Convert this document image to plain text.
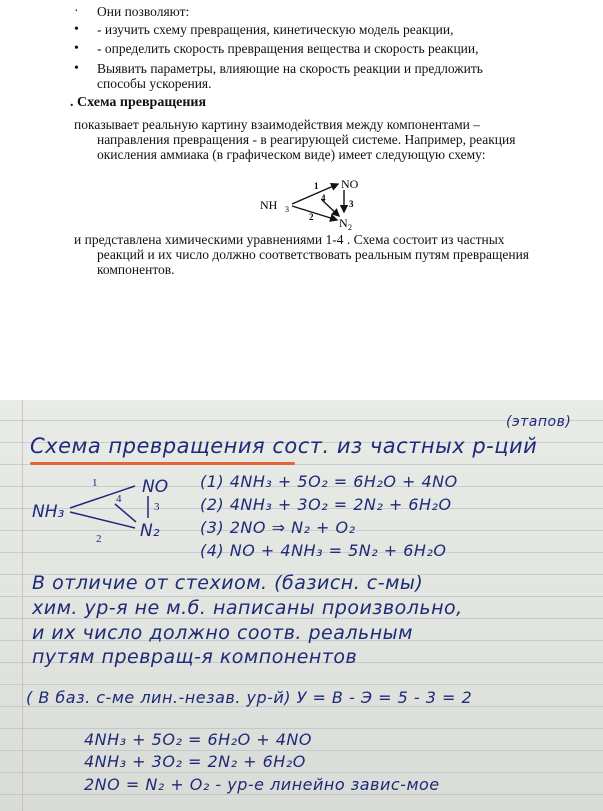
· Они позволяют:
• - изучить схему превращения, кинетическую модель реакции,
• - определить скорость превращения вещества и скорость реакции,
• Выявить параметры, влияющие на скорость реакции и предложить
способы ускорения.
. Схема превращения
показывает реальную картину взаимодействия между компонентами –
направления превращения - в реагирующей системе. Например, реакция
окисления аммиака (в графическом виде) имеет следующую схему:
NH 3
NO
N 2
1
2
3
4
и представлена химическими уравнениями 1-4 . Схема состоит из частных
реакций и их число должно соответствовать реальным путям превращения
компонентов.
(этапов)
Схема превращения сост. из частных р-ций
NH₃
NO
N₂
1
2
3
4
(1) 4NH₃ + 5O₂ = 6H₂O + 4NO
(2) 4NH₃ + 3O₂ = 2N₂ + 6H₂O
(3) 2NO ⇒ N₂ + O₂
(4) NO + 4NH₃ = 5N₂ + 6H₂O
В отличие от стехиом. (базисн. с-мы)
хим. ур-я не м.б. написаны произвольно,
и их число должно соотв. реальным
путям превращ-я компонентов
( В баз. с-ме лин.-незав. ур-й) У = В - Э = 5 - 3 = 2
4NH₃ + 5O₂ = 6H₂O + 4NO
4NH₃ + 3O₂ = 2N₂ + 6H₂O
2NO = N₂ + O₂ - ур-е линейно завис-мое
